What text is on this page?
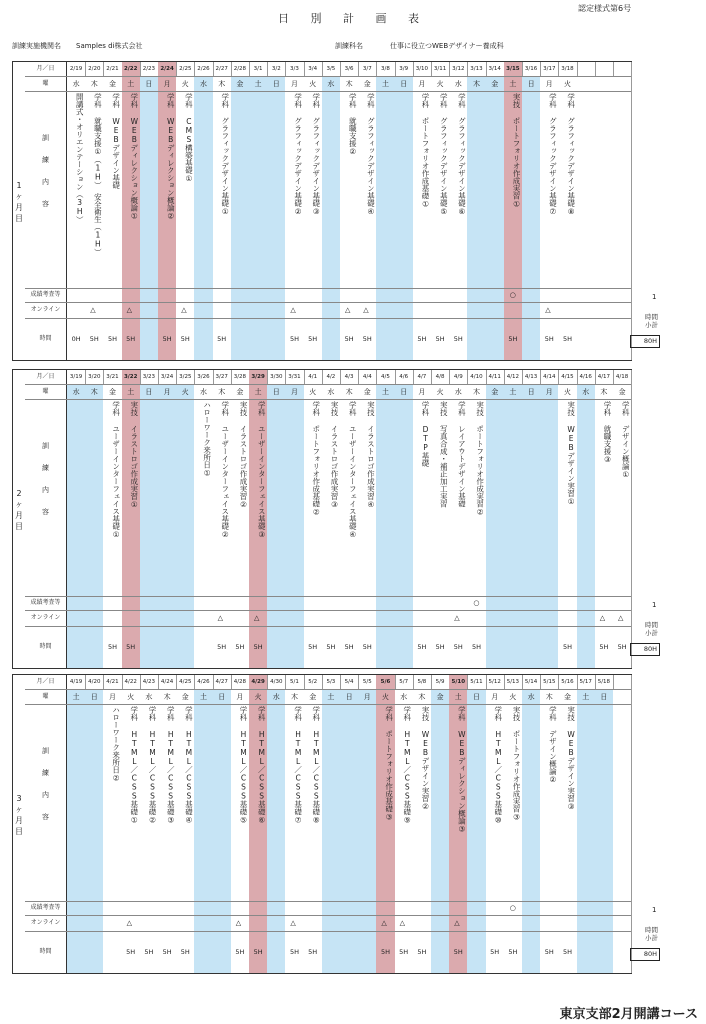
認定様式第6号
日 別 計 画 表
訓練実施機関名 Samples di株式会社	訓練科名	仕事に役立つWEBデザイナー養成科
1
ヶ
月
目
2/19
水
開講式・オリエンテーション（3H）
0H
2/20
木
学科 就職支援①（1H）　安全衛生（1H）
△
5H
2/21
金
学科 WEBデザイン基礎
5H
2/22
土
学科 WEBディレクション概論①
△
5H
2/23
日
2/24
月
学科 WEBディレクション概論②
5H
2/25
火
学科 CMS構築基礎①
△
5H
2/26
水
2/27
木
学科 グラフィックデザイン基礎①
5H
2/28
金
3/1
土
3/2
日
3/3
月
学科 グラフィックデザイン基礎②
△
5H
3/4
火
学科 グラフィックデザイン基礎③
5H
3/5
水
3/6
木
学科 就職支援②
△
5H
3/7
金
学科 グラフィックデザイン基礎④
△
5H
3/8
土
3/9
日
3/10
月
学科 ポートフォリオ作成基礎①
5H
3/11
火
学科 グラフィックデザイン基礎⑤
5H
3/12
水
学科 グラフィックデザイン基礎⑥
5H
3/13
木
3/14
金
3/15
土
実技 ポートフォリオ作成実習①
○
5H
3/16
日
3/17
月
学科 グラフィックデザイン基礎⑦
△
5H
3/18
火
学科 グラフィックデザイン基礎⑧
5H
月／日
曜
訓
練
内
容
成績考査等
オンライン
時間
1
時間
小計
80H
2
ヶ
月
目
3/19
水
3/20
木
3/21
金
学科 ユーザーインターフェイス基礎①
5H
3/22
土
実技 イラストロゴ作成実習①
5H
3/23
日
3/24
月
3/25
火
3/26
水
ハローワーク来所日①
3/27
木
学科 ユーザーインターフェイス基礎②
△
5H
3/28
金
実技 イラストロゴ作成実習②
5H
3/29
土
学科 ユーザーインターフェイス基礎③
△
5H
3/30
日
3/31
月
4/1
火
学科 ポートフォリオ作成基礎②
5H
4/2
水
実技 イラストロゴ作成実習③
5H
4/3
木
学科 ユーザーインターフェイス基礎④
5H
4/4
金
実技 イラストロゴ作成実習④
5H
4/5
土
4/6
日
4/7
月
学科 DTP基礎
5H
4/8
火
実技 写真合成・補正加工実習
5H
4/9
水
学科 レイアウトデザイン基礎
△
5H
4/10
木
実技 ポートフォリオ作成実習②
○
5H
4/11
金
4/12
土
4/13
日
4/14
月
4/15
火
実技 WEBデザイン実習①
5H
4/16
水
4/17
木
学科 就職支援③
△
5H
4/18
金
学科 デザイン概論①
△
5H
月／日
曜
訓
練
内
容
成績考査等
オンライン
時間
1
時間
小計
80H
3
ヶ
月
目
4/19
土
4/20
日
4/21
月
ハローワーク来所日②
4/22
火
学科 HTML／CSS基礎①
△
5H
4/23
水
学科 HTML／CSS基礎②
5H
4/24
木
学科 HTML／CSS基礎③
5H
4/25
金
学科 HTML／CSS基礎④
5H
4/26
土
4/27
日
4/28
月
学科 HTML／CSS基礎⑤
△
5H
4/29
火
学科 HTML／CSS基礎⑥
5H
4/30
水
5/1
木
学科 HTML／CSS基礎⑦
△
5H
5/2
金
学科 HTML／CSS基礎⑧
5H
5/3
土
5/4
日
5/5
月
5/6
火
学科 ポートフォリオ作成基礎③
△
5H
5/7
水
学科 HTML／CSS基礎⑨
△
5H
5/8
木
実技 WEBデザイン実習②
5H
5/9
金
5/10
土
学科 WEBディレクション概論③
△
5H
5/11
日
5/12
月
学科 HTML／CSS基礎⑩
5H
5/13
火
実技 ポートフォリオ作成実習③
○
5H
5/14
水
5/15
木
学科 デザイン概論②
5H
5/16
金
実技 WEBデザイン実習③
5H
5/17
土
5/18
日
月／日
曜
訓
練
内
容
成績考査等
オンライン
時間
1
時間
小計
80H
東京支部2月開講コース
